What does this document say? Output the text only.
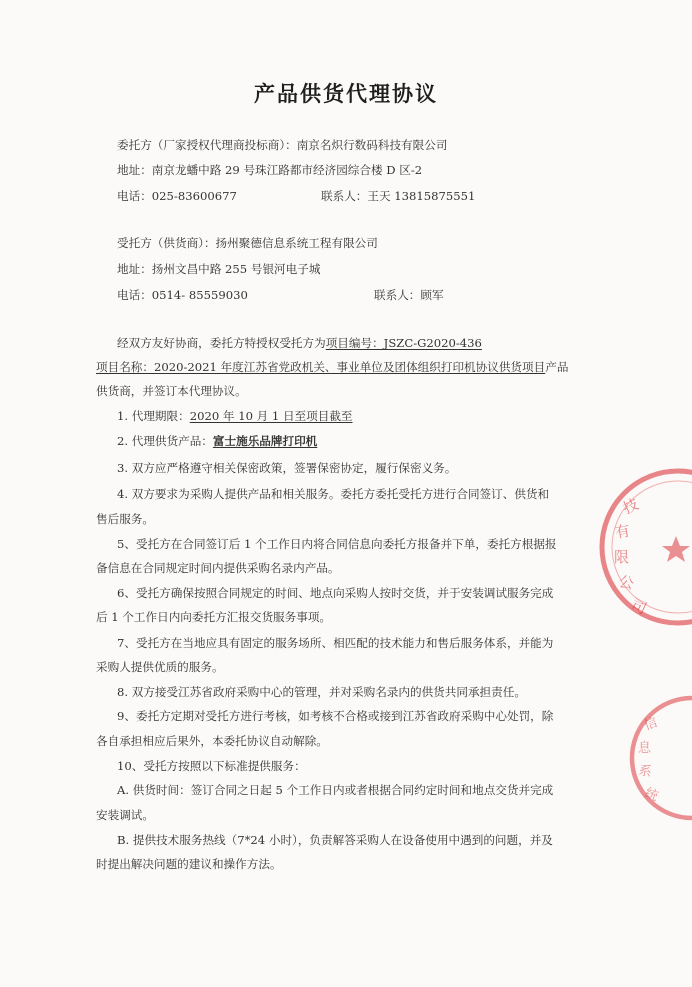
产品供货代理协议
委托方（厂家授权代理商投标商）：南京名炽行数码科技有限公司
地址：南京龙蟠中路 29 号珠江路都市经济园综合楼 D 区-2
电话：025-83600677	联系人：王天 13815875551
受托方（供货商）：扬州聚德信息系统工程有限公司
地址：扬州文昌中路 255 号银河电子城
电话：0514- 85559030	联系人：顾军
经双方友好协商，委托方特授权受托方为项目编号：JSZC-G2020-436
项目名称：2020-2021 年度江苏省党政机关、事业单位及团体组织打印机协议供货项目产品
供货商，并签订本代理协议。
1. 代理期限：2020 年 10 月 1 日至项目截至
2. 代理供货产品：富士施乐品牌打印机
3. 双方应严格遵守相关保密政策，签署保密协定，履行保密义务。
4. 双方要求为采购人提供产品和相关服务。委托方委托受托方进行合同签订、供货和
售后服务。
5、受托方在合同签订后 1 个工作日内将合同信息向委托方报备并下单，委托方根据报
备信息在合同规定时间内提供采购名录内产品。
6、受托方确保按照合同规定的时间、地点向采购人按时交货，并于安装调试服务完成
后 1 个工作日内向委托方汇报交货服务事项。
7、受托方在当地应具有固定的服务场所、相匹配的技术能力和售后服务体系，并能为
采购人提供优质的服务。
8. 双方接受江苏省政府采购中心的管理，并对采购名录内的供货共同承担责任。
9、委托方定期对受托方进行考核，如考核不合格或接到江苏省政府采购中心处罚，除
各自承担相应后果外，本委托协议自动解除。
10、受托方按照以下标准提供服务：
A. 供货时间：签订合同之日起 5 个工作日内或者根据合同约定时间和地点交货并完成
安装调试。
B. 提供技术服务热线（7*24 小时），负责解答采购人在设备使用中遇到的问题，并及
时提出解决问题的建议和操作方法。
技
有
限
公
司
信
息
系
统
